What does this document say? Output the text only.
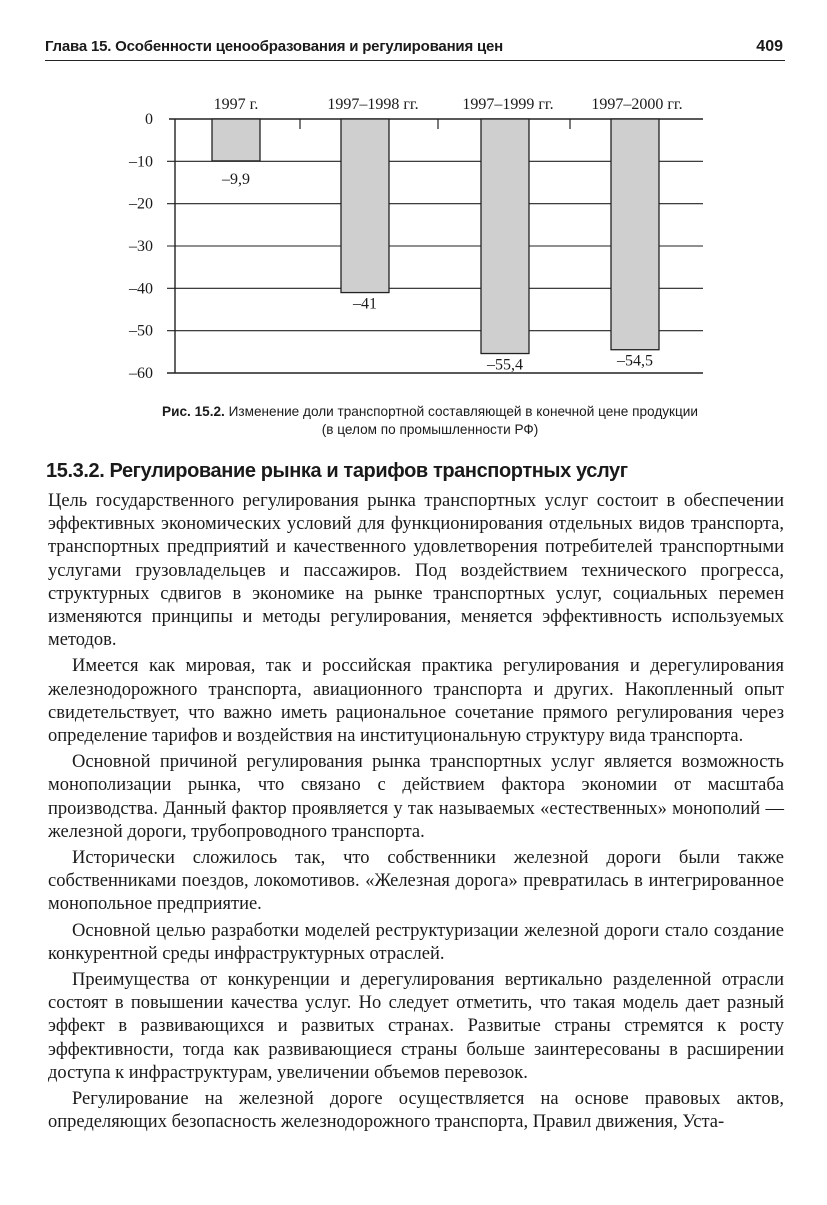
Глава 15. Особенности ценообразования и регулирования цен	409
0
–10
–20
–30
–40
–50
–60
1997 г.	1997–1998 гг.	1997–1999 гг. 1997–2000 гг.
–9,9
–41
–55,4	–54,5
Рис. 15.2. Изменение доли транспортной составляющей в конечной цене продукции
(в целом по промышленности РФ)
15.3.2. Регулирование рынка и тарифов транспортных услуг

Цель государственного регулирования рынка транспортных услуг состоит в обеспечении эффективных экономических условий для функционирования отдельных видов транспорта, транспортных предприятий и качественного удовлетворения потребителей транспортными услугами грузовладельцев и пассажиров. Под воздействием технического прогресса, структурных сдвигов в экономике на рынке транспортных услуг, социальных перемен изменяются принципы и методы регулирования, меняется эффективность используемых методов.

Имеется как мировая, так и российская практика регулирования и дерегулирования железнодорожного транспорта, авиационного транспорта и других. Накопленный опыт свидетельствует, что важно иметь рациональное сочетание прямого регулирования через определение тарифов и воздействия на институциональную структуру вида транспорта.

Основной причиной регулирования рынка транспортных услуг является возможность монополизации рынка, что связано с действием фактора экономии от масштаба производства. Данный фактор проявляется у так называемых «естественных» монополий — железной дороги, трубопроводного транспорта.

Исторически сложилось так, что собственники железной дороги были также собственниками поездов, локомотивов. «Железная дорога» превратилась в интегрированное монопольное предприятие.

Основной целью разработки моделей реструктуризации железной дороги стало создание конкурентной среды инфраструктурных отраслей.

Преимущества от конкуренции и дерегулирования вертикально разделенной отрасли состоят в повышении качества услуг. Но следует отметить, что такая модель дает разный эффект в развивающихся и развитых странах. Развитые страны стремятся к росту эффективности, тогда как развивающиеся страны больше заинтересованы в расширении доступа к инфраструктурам, увеличении объемов перевозок.

Регулирование на железной дороге осуществляется на основе правовых актов, определяющих безопасность железнодорожного транспорта, Правил движения, Уста-
